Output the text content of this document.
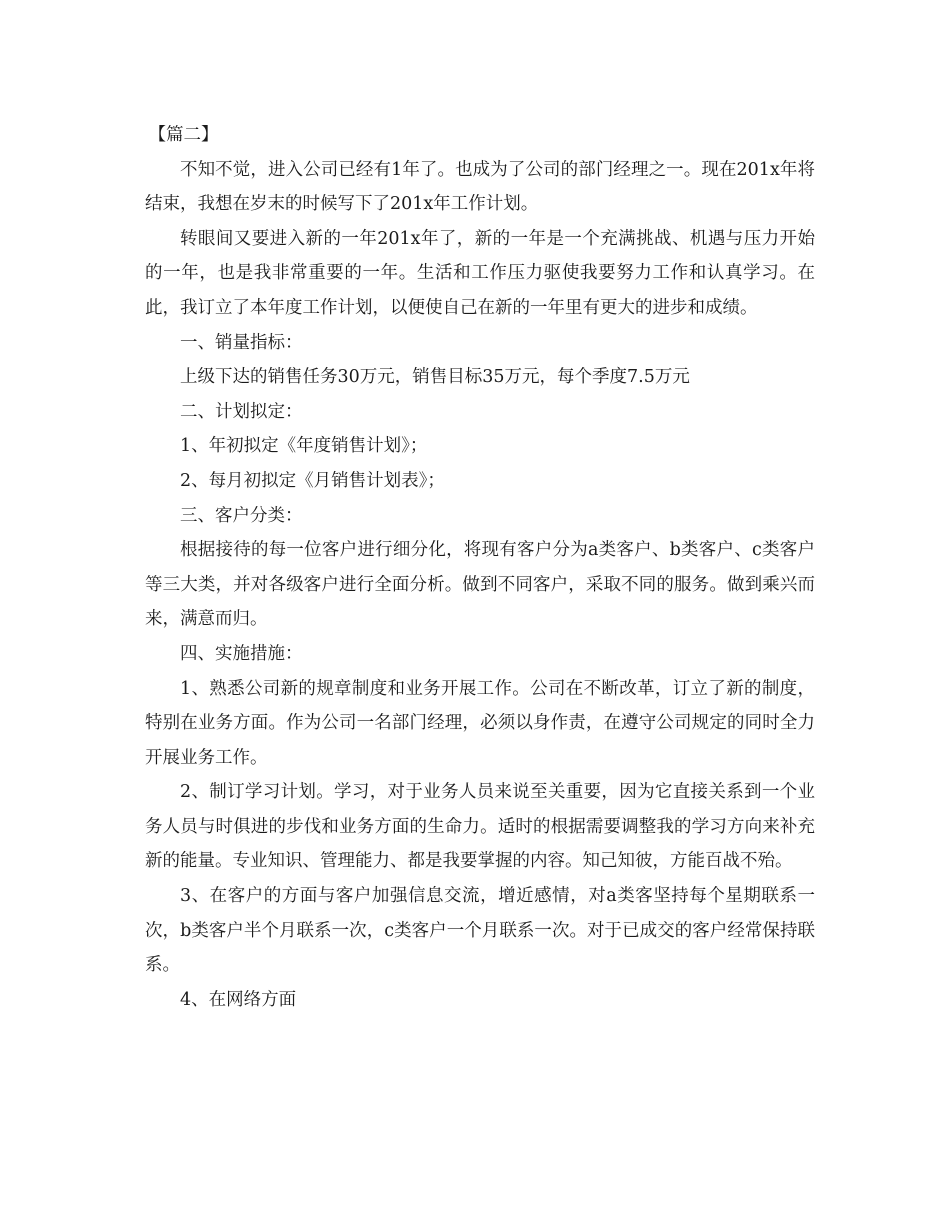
【篇二】

不知不觉，进入公司已经有1年了。也成为了公司的部门经理之一。现在201x年将结束，我想在岁末的时候写下了201x年工作计划。

转眼间又要进入新的一年201x年了，新的一年是一个充满挑战、机遇与压力开始的一年，也是我非常重要的一年。生活和工作压力驱使我要努力工作和认真学习。在此，我订立了本年度工作计划，以便使自己在新的一年里有更大的进步和成绩。

一、销量指标：

上级下达的销售任务30万元，销售目标35万元，每个季度7.5万元

二、计划拟定：

1、年初拟定《年度销售计划》；

2、每月初拟定《月销售计划表》；

三、客户分类：

根据接待的每一位客户进行细分化，将现有客户分为a类客户、b类客户、c类客户等三大类，并对各级客户进行全面分析。做到不同客户，采取不同的服务。做到乘兴而来，满意而归。

四、实施措施：

1、熟悉公司新的规章制度和业务开展工作。公司在不断改革，订立了新的制度，特别在业务方面。作为公司一名部门经理，必须以身作责，在遵守公司规定的同时全力开展业务工作。

2、制订学习计划。学习，对于业务人员来说至关重要，因为它直接关系到一个业务人员与时俱进的步伐和业务方面的生命力。适时的根据需要调整我的学习方向来补充新的能量。专业知识、管理能力、都是我要掌握的内容。知己知彼，方能百战不殆。

3、在客户的方面与客户加强信息交流，增近感情，对a类客坚持每个星期联系一次，b类客户半个月联系一次，c类客户一个月联系一次。对于已成交的客户经常保持联系。

4、在网络方面
